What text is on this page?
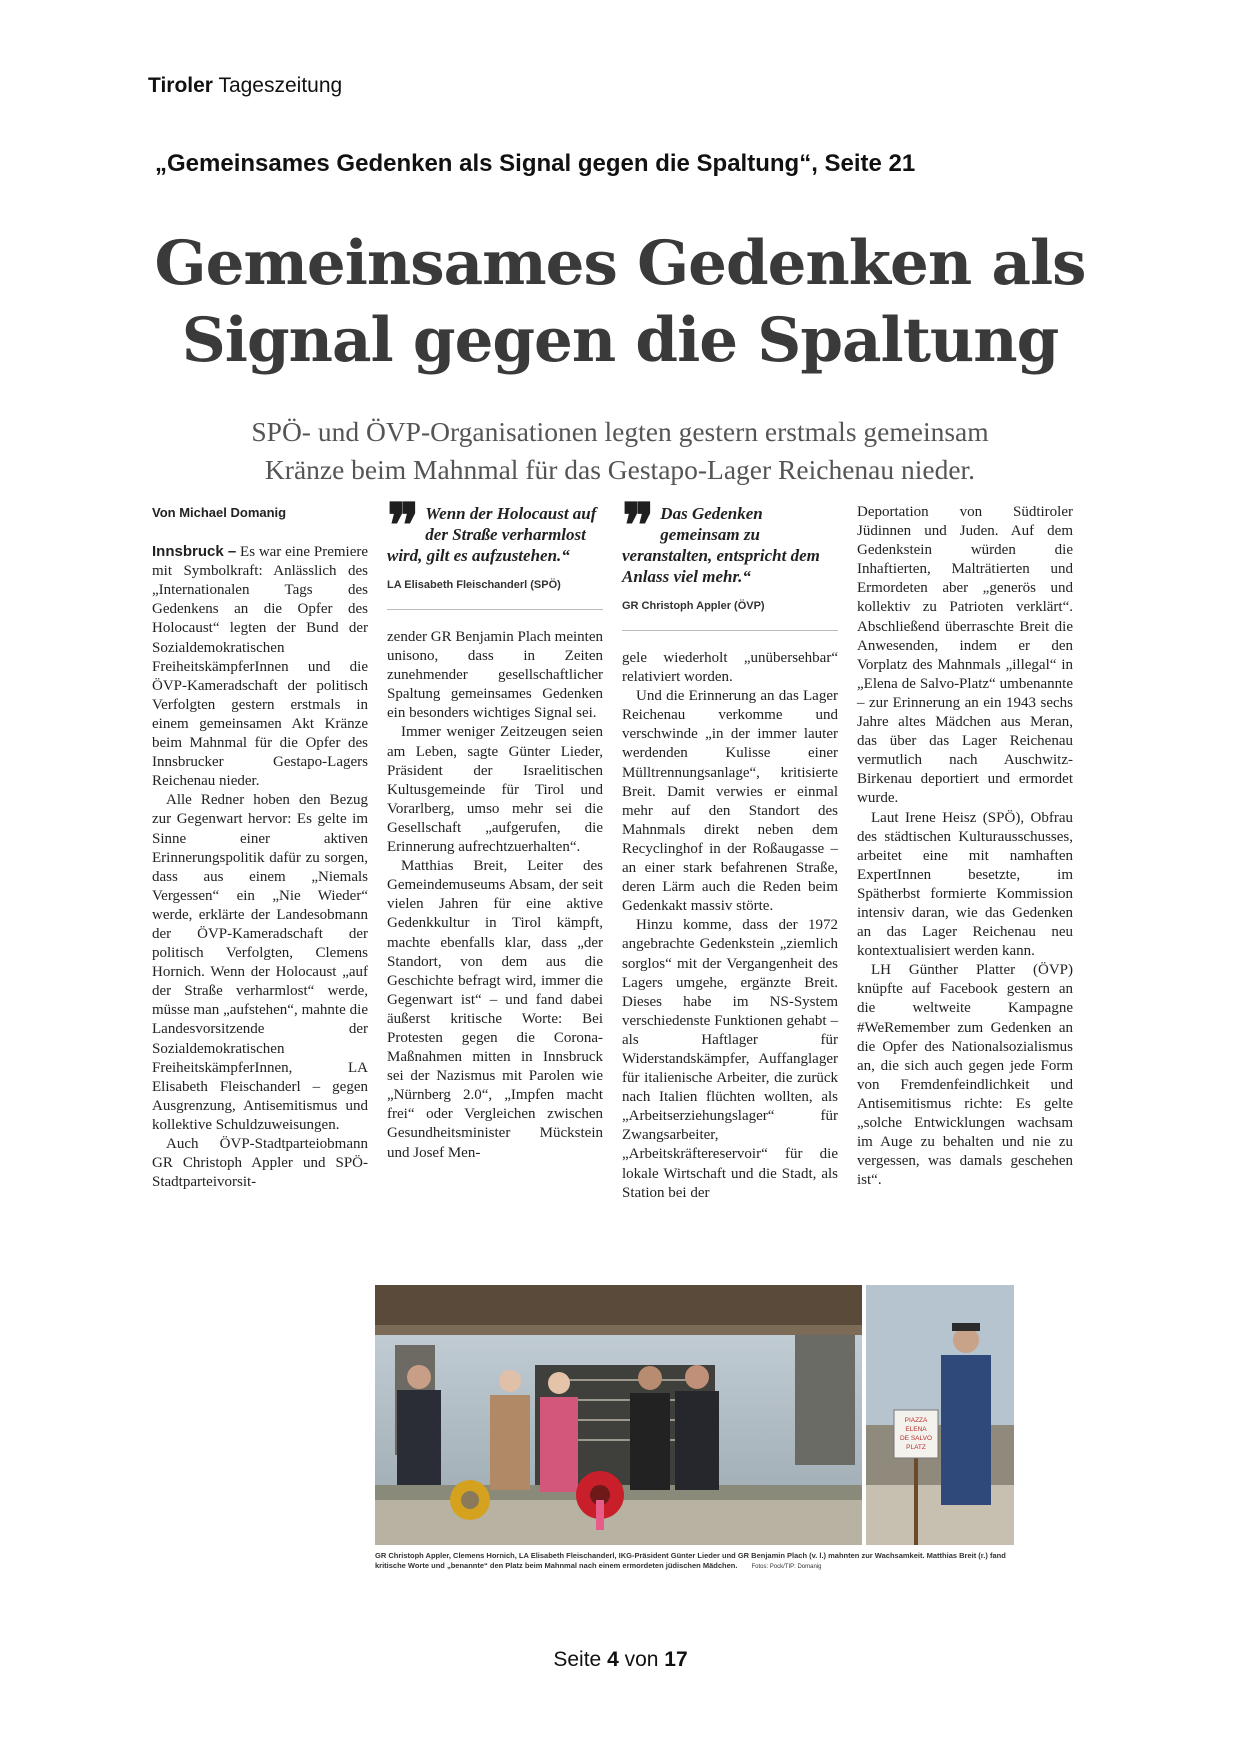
Tiroler Tageszeitung
„Gemeinsames Gedenken als Signal gegen die Spaltung“, Seite 21
Gemeinsames Gedenken als
Signal gegen die Spaltung
SPÖ- und ÖVP-Organisationen legten gestern erstmals gemeinsam
Kränze beim Mahnmal für das Gestapo-Lager Reichenau nieder.

Von Michael Domanig

Innsbruck – Es war eine Premiere mit Symbolkraft: Anlässlich des „Internationalen Tags des Gedenkens an die Opfer des Holocaust“ legten der Bund der Sozialdemokratischen FreiheitskämpferInnen und die ÖVP-Kameradschaft der politisch Verfolgten gestern erstmals in einem gemeinsamen Akt Kränze beim Mahnmal für die Opfer des Innsbrucker Gestapo-Lagers Reichenau nieder.

Alle Redner hoben den Bezug zur Gegenwart hervor: Es gelte im Sinne einer aktiven Erinnerungspolitik dafür zu sorgen, dass aus einem „Niemals Vergessen“ ein „Nie Wieder“ werde, erklärte der Landesobmann der ÖVP-Kameradschaft der politisch Verfolgten, Clemens Hornich. Wenn der Holocaust „auf der Straße verharmlost“ werde, müsse man „aufstehen“, mahnte die Landesvorsitzende der Sozialdemokratischen FreiheitskämpferInnen, LA Elisabeth Fleischanderl – gegen Ausgrenzung, Antisemitismus und kollektive Schuldzuweisungen.

Auch ÖVP-Stadtparteiobmann GR Christoph Appler und SPÖ-Stadtparteivorsit-

❞ Wenn der Holocaust auf der Straße verharmlost wird, gilt es aufzustehen.“
LA Elisabeth Fleischanderl (SPÖ)

zender GR Benjamin Plach meinten unisono, dass in Zeiten zunehmender gesellschaftlicher Spaltung gemeinsames Gedenken ein besonders wichtiges Signal sei.

Immer weniger Zeitzeugen seien am Leben, sagte Günter Lieder, Präsident der Israelitischen Kultusgemeinde für Tirol und Vorarlberg, umso mehr sei die Gesellschaft „aufgerufen, die Erinnerung aufrechtzuerhalten“.

Matthias Breit, Leiter des Gemeindemuseums Absam, der seit vielen Jahren für eine aktive Gedenkkultur in Tirol kämpft, machte ebenfalls klar, dass „der Standort, von dem aus die Geschichte befragt wird, immer die Gegenwart ist“ – und fand dabei äußerst kritische Worte: Bei Protesten gegen die Corona-Maßnahmen mitten in Innsbruck sei der Nazismus mit Parolen wie „Nürnberg 2.0“, „Impfen macht frei“ oder Vergleichen zwischen Gesundheitsminister Mückstein und Josef Men-

❞ Das Gedenken gemeinsam zu veranstalten, entspricht dem Anlass viel mehr.“
GR Christoph Appler (ÖVP)

gele wiederholt „unübersehbar“ relativiert worden.

Und die Erinnerung an das Lager Reichenau verkomme und verschwinde „in der immer lauter werdenden Kulisse einer Mülltrennungsanlage“, kritisierte Breit. Damit verwies er einmal mehr auf den Standort des Mahnmals direkt neben dem Recyclinghof in der Roßaugasse – an einer stark befahrenen Straße, deren Lärm auch die Reden beim Gedenkakt massiv störte.

Hinzu komme, dass der 1972 angebrachte Gedenkstein „ziemlich sorglos“ mit der Vergangenheit des Lagers umgehe, ergänzte Breit. Dieses habe im NS-System verschiedenste Funktionen gehabt – als Haftlager für Widerstandskämpfer, Auffanglager für italienische Arbeiter, die zurück nach Italien flüchten wollten, als „Arbeitserziehungslager“ für Zwangsarbeiter, „Arbeitskräftereservoir“ für die lokale Wirtschaft und die Stadt, als Station bei der

Deportation von Südtiroler Jüdinnen und Juden. Auf dem Gedenkstein würden die Inhaftierten, Malträtierten und Ermordeten aber „generös und kollektiv zu Patrioten verklärt“. Abschließend überraschte Breit die Anwesenden, indem er den Vorplatz des Mahnmals „illegal“ in „Elena de Salvo-Platz“ umbenannte – zur Erinnerung an ein 1943 sechs Jahre altes Mädchen aus Meran, das über das Lager Reichenau vermutlich nach Auschwitz-Birkenau deportiert und ermordet wurde.

Laut Irene Heisz (SPÖ), Obfrau des städtischen Kulturausschusses, arbeitet eine mit namhaften ExpertInnen besetzte, im Spätherbst formierte Kommission intensiv daran, wie das Gedenken an das Lager Reichenau neu kontextualisiert werden kann.

LH Günther Platter (ÖVP) knüpfte auf Facebook gestern an die weltweite Kampagne #WeRemember zum Gedenken an die Opfer des Nationalsozialismus an, die sich auch gegen jede Form von Fremdenfeindlichkeit und Antisemitismus richte: Es gelte „solche Entwicklungen wachsam im Auge zu behalten und nie zu vergessen, was damals geschehen ist“.

PIAZZA
ELENA
DE SALVO
PLATZ
GR Christoph Appler, Clemens Hornich, LA Elisabeth Fleischanderl, IKG-Präsident Günter Lieder und GR Benjamin Plach (v. l.) mahnten zur Wachsamkeit. Matthias Breit (r.) fand kritische Worte und „benannte“ den Platz beim Mahnmal nach einem ermordeten jüdischen Mädchen. Fotos: Pock/TIP: Domanig
Seite 4 von 17
